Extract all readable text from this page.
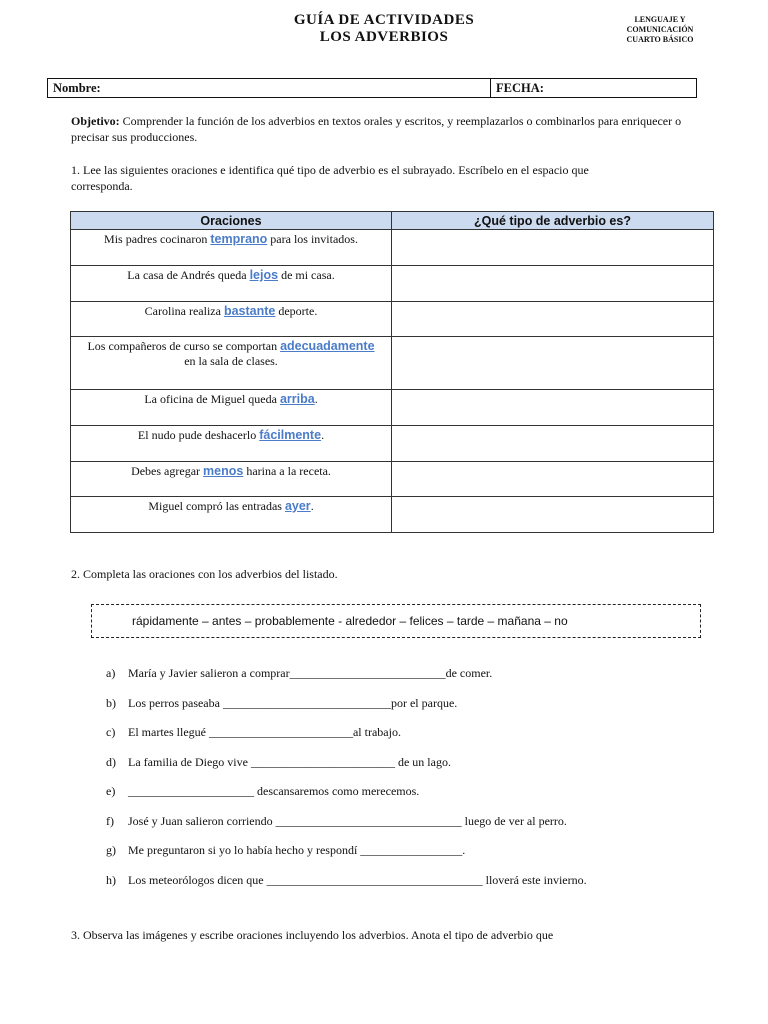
GUÍA DE ACTIVIDADES
LOS ADVERBIOS
LENGUAJE Y
COMUNICACIÓN
CUARTO BÁSICO
Nombre:	FECHA:
Objetivo: Comprender la función de los adverbios en textos orales y escritos, y reemplazarlos o combinarlos para enriquecer o precisar sus producciones.
1. Lee las siguientes oraciones e identifica qué tipo de adverbio es el subrayado. Escríbelo en el espacio que corresponda.
Oraciones	¿Qué tipo de adverbio es?

Mis padres cocinaron temprano para los invitados.	

La casa de Andrés queda lejos de mi casa.	

Carolina realiza bastante deporte.	

Los compañeros de curso se comportan adecuadamente en la sala de clases.	

La oficina de Miguel queda arriba.	

El nudo pude deshacerlo fácilmente.	

Debes agregar menos harina a la receta.	

Miguel compró las entradas ayer.	

2. Completa las oraciones con los adverbios del listado.
rápidamente – antes – probablemente - alrededor – felices – tarde – mañana – no
a)	María y Javier salieron a comprar__________________________de comer.
b)	Los perros paseaba ____________________________por el parque.
c)	El martes llegué ________________________al trabajo.
d)	La familia de Diego vive ________________________ de un lago.
e)	_____________________ descansaremos como merecemos.
f)	José y Juan salieron corriendo _______________________________ luego de ver al perro.
g)	Me preguntaron si yo lo había hecho y respondí _________________.
h)	Los meteorólogos dicen que ____________________________________ lloverá este invierno.
3. Observa las imágenes y escribe oraciones incluyendo los adverbios. Anota el tipo de adverbio que
